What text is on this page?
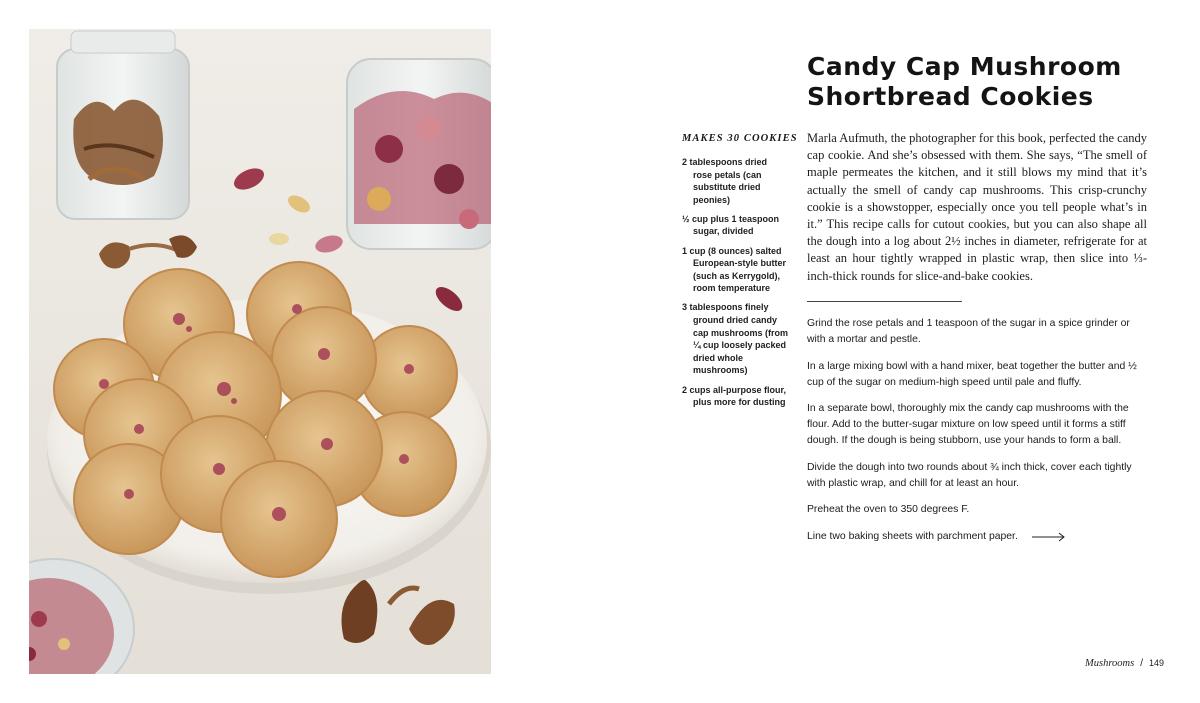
Candy Cap Mushroom
Shortbread Cookies
MAKES 30 COOKIES
2 tablespoons dried rose petals (can substitute dried peonies)
½ cup plus 1 teaspoon sugar, divided
1 cup (8 ounces) salted European-style butter (such as Kerrygold), room temperature
3 tablespoons finely ground dried candy cap mushrooms (from ¼ cup loosely packed dried whole mushrooms)
2 cups all-purpose flour, plus more for dusting

Marla Aufmuth, the photographer for this book, perfected the candy cap cookie. And she’s obsessed with them. She says, “The smell of maple permeates the kitchen, and it still blows my mind that it’s actually the smell of candy cap mushrooms. This crisp-crunchy cookie is a showstopper, especially once you tell people what’s in it.” This recipe calls for cutout cookies, but you can also shape all the dough into a log about 2½ inches in diameter, refrigerate for at least an hour tightly wrapped in plastic wrap, then slice into ⅓-inch-thick rounds for slice-and-bake cookies.

Grind the rose petals and 1 teaspoon of the sugar in a spice grinder or with a mortar and pestle.

In a large mixing bowl with a hand mixer, beat together the butter and ½ cup of the sugar on medium-high speed until pale and fluffy.

In a separate bowl, thoroughly mix the candy cap mushrooms with the flour. Add to the butter-sugar mixture on low speed until it forms a stiff dough. If the dough is being stubborn, use your hands to form a ball.

Divide the dough into two rounds about ¾ inch thick, cover each tightly with plastic wrap, and chill for at least an hour.

Preheat the oven to 350 degrees F.

Line two baking sheets with parchment paper.
Mushrooms / 149
